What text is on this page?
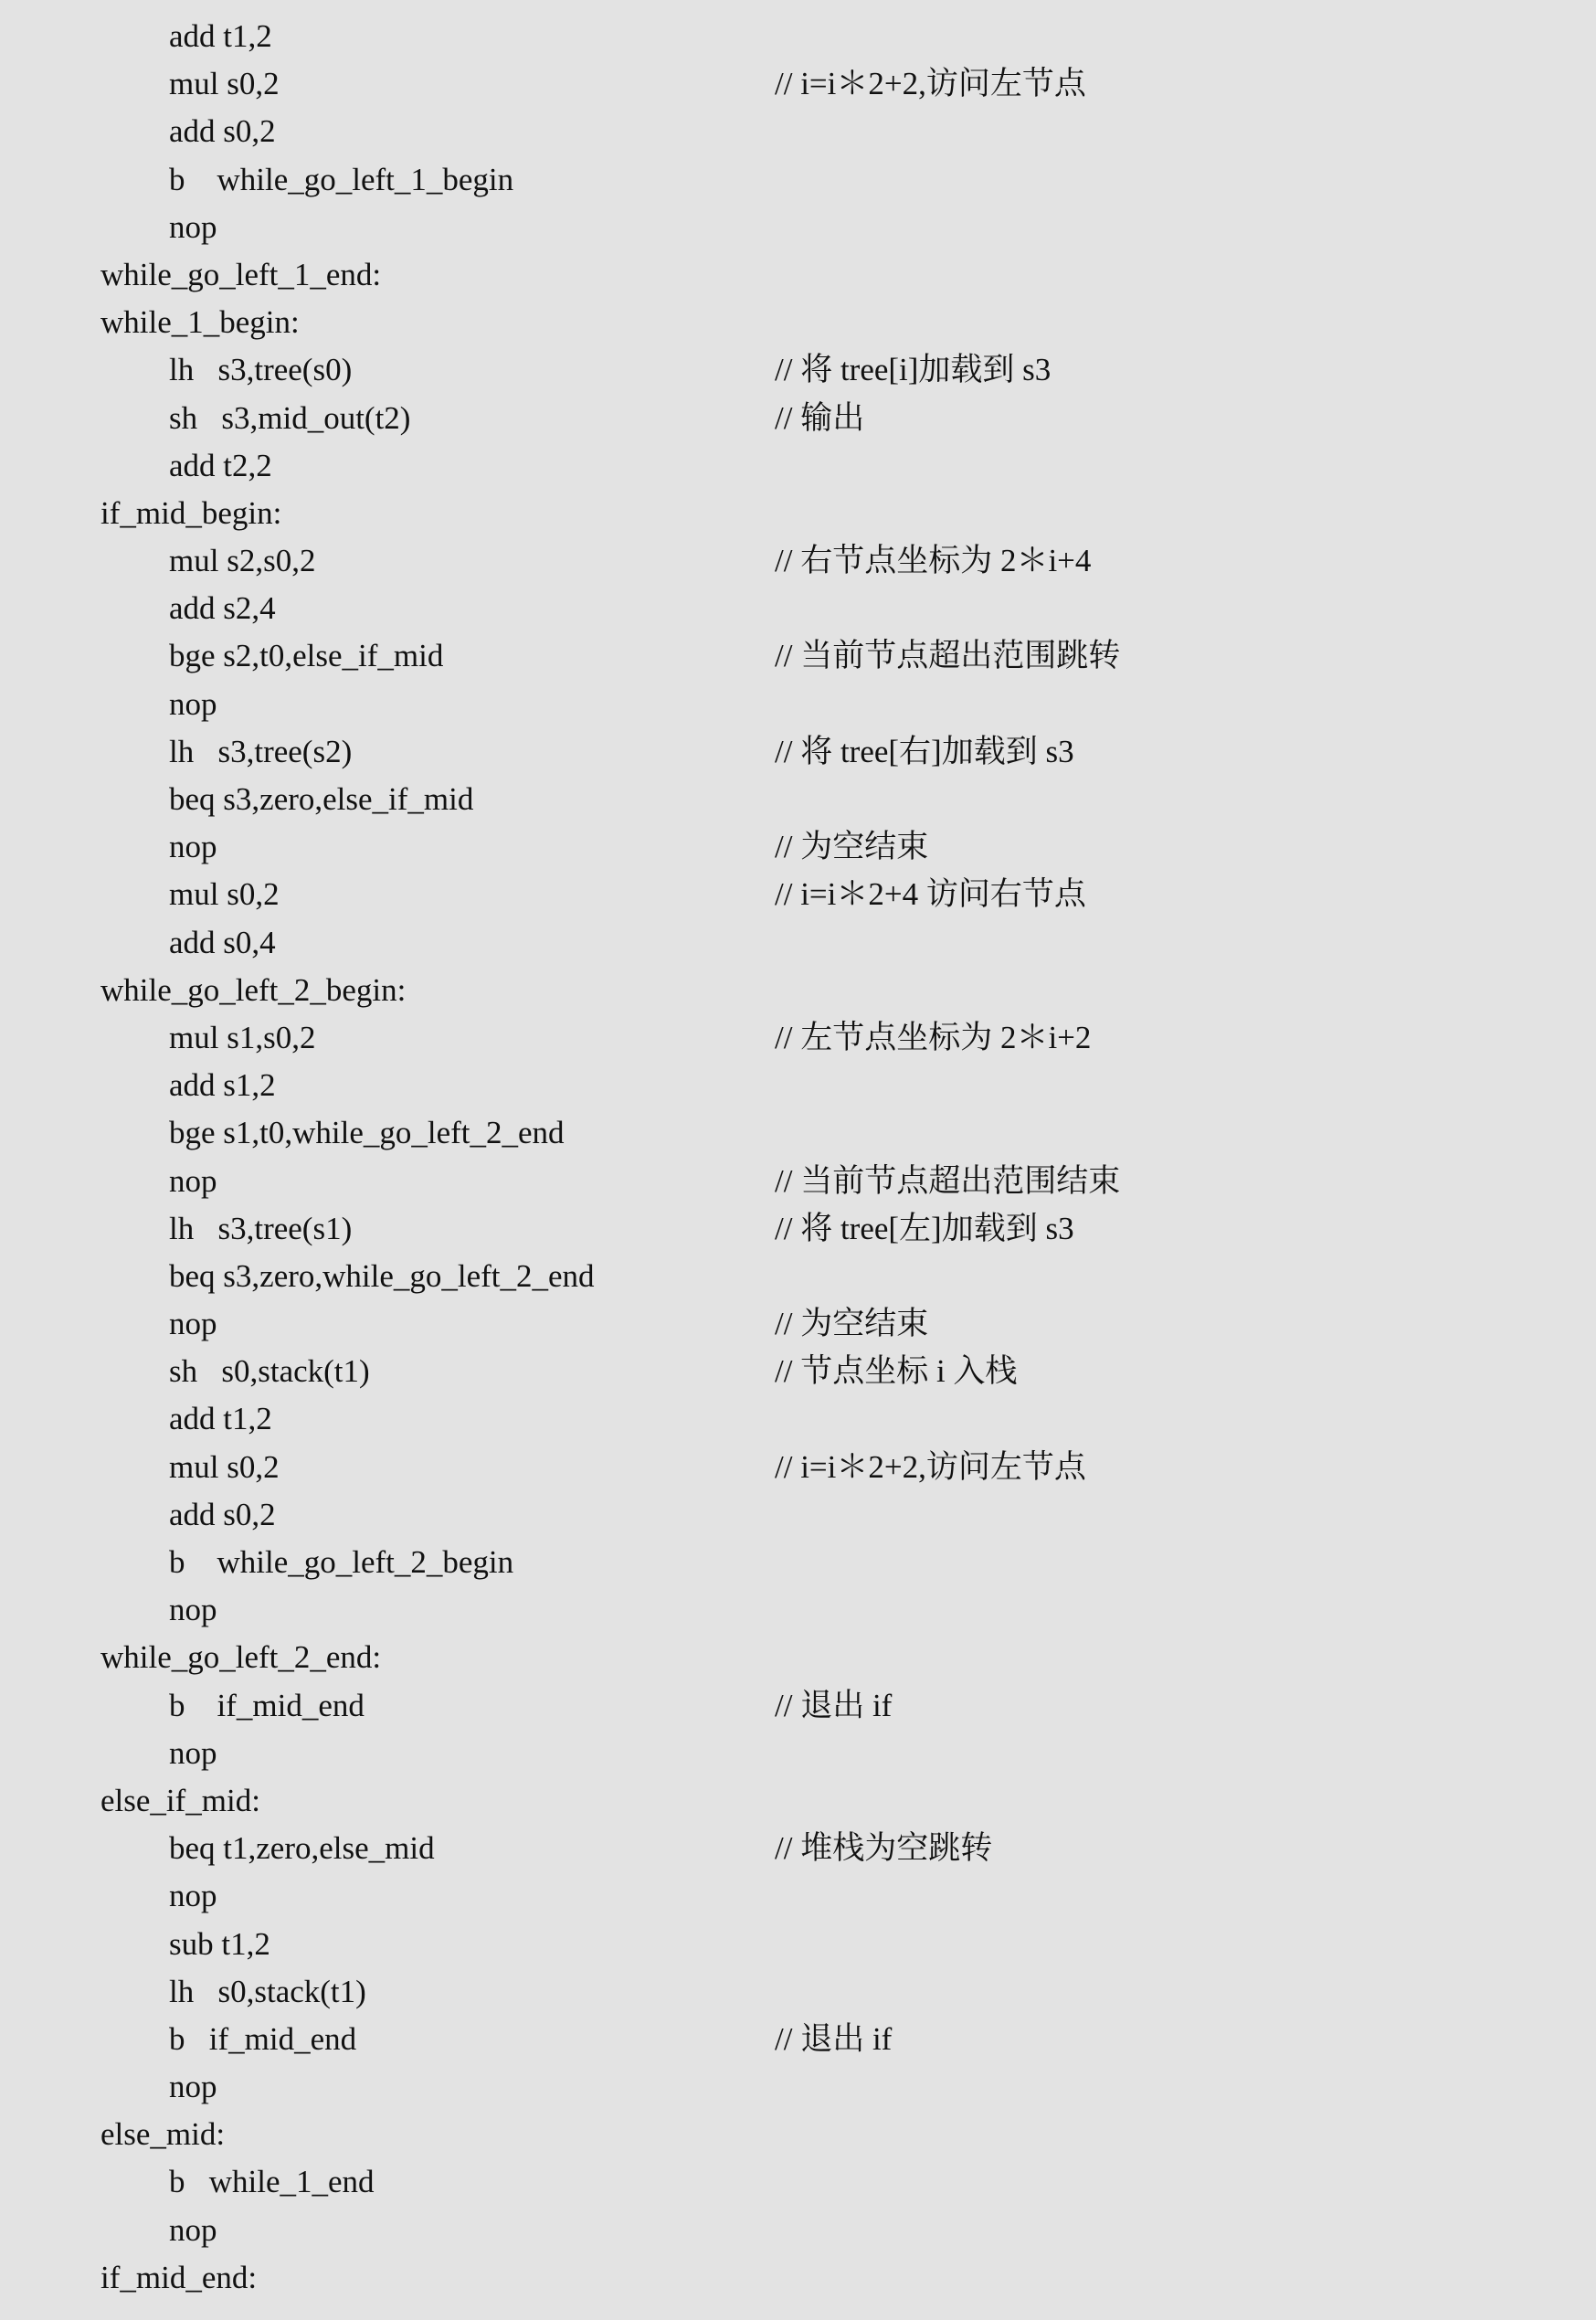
add t1,2
mul s0,2	// i=i＊2+2,访问左节点
add s0,2
b    while_go_left_1_begin
nop
while_go_left_1_end:
while_1_begin:
lh   s3,tree(s0)	// 将 tree[i]加载到 s3
sh   s3,mid_out(t2)	// 输出
add t2,2
if_mid_begin:
mul s2,s0,2	// 右节点坐标为 2＊i+4
add s2,4
bge s2,t0,else_if_mid	// 当前节点超出范围跳转
nop
lh   s3,tree(s2)	// 将 tree[右]加载到 s3
beq s3,zero,else_if_mid
nop	// 为空结束
mul s0,2	// i=i＊2+4 访问右节点
add s0,4
while_go_left_2_begin:
mul s1,s0,2	// 左节点坐标为 2＊i+2
add s1,2
bge s1,t0,while_go_left_2_end
nop	// 当前节点超出范围结束
lh   s3,tree(s1)	// 将 tree[左]加载到 s3
beq s3,zero,while_go_left_2_end
nop	// 为空结束
sh   s0,stack(t1)	// 节点坐标 i 入栈
add t1,2
mul s0,2	// i=i＊2+2,访问左节点
add s0,2
b    while_go_left_2_begin
nop
while_go_left_2_end:
b    if_mid_end	// 退出 if
nop
else_if_mid:
beq t1,zero,else_mid	// 堆栈为空跳转
nop
sub t1,2
lh   s0,stack(t1)
b   if_mid_end	// 退出 if
nop
else_mid:
b   while_1_end
nop
if_mid_end:
